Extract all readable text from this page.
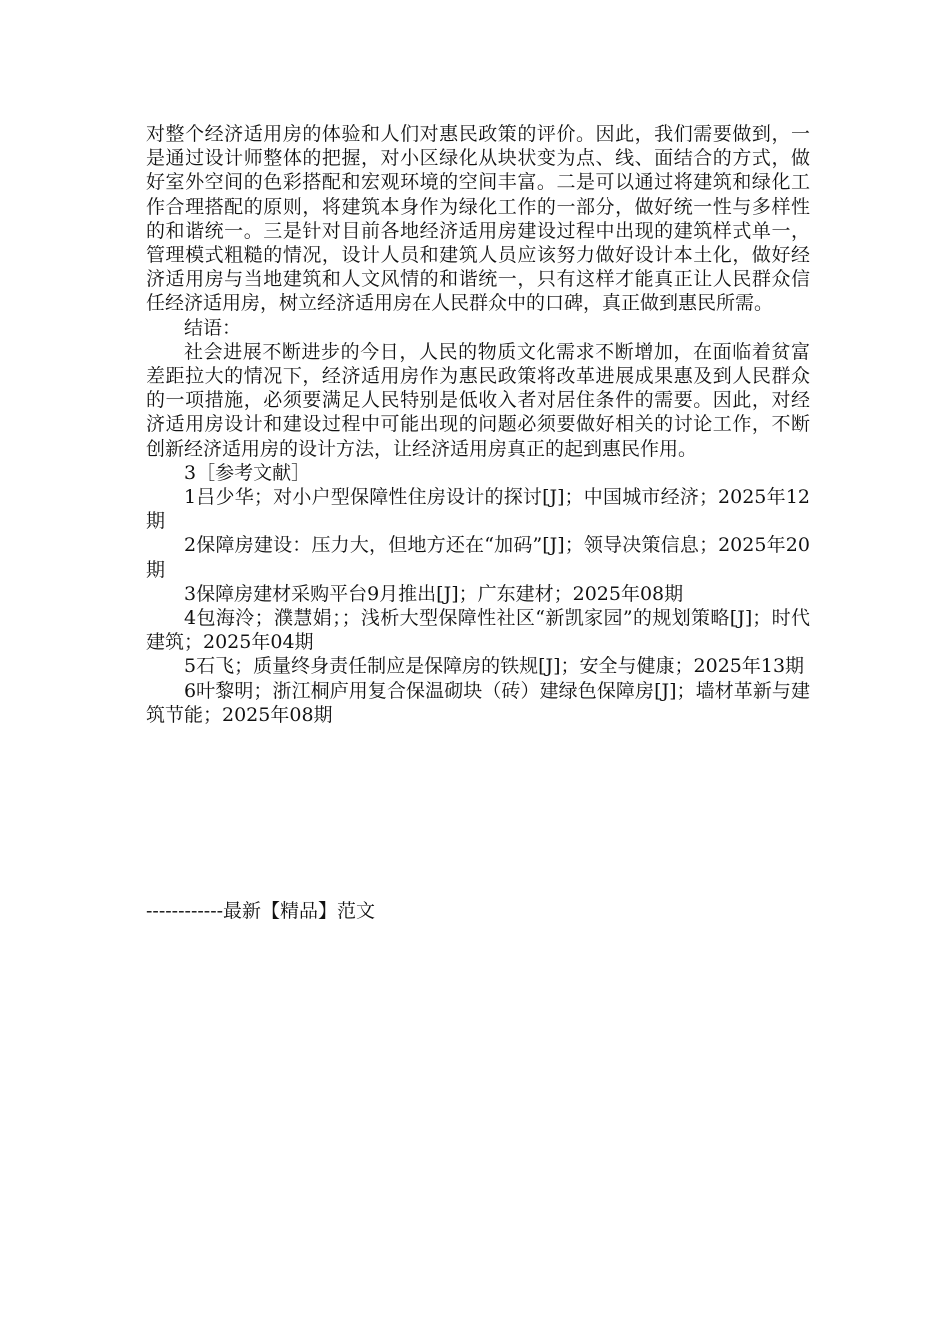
对整个经济适用房的体验和人们对惠民政策的评价。因此，我们需要做到，一是通过设计师整体的把握，对小区绿化从块状变为点、线、面结合的方式，做好室外空间的色彩搭配和宏观环境的空间丰富。二是可以通过将建筑和绿化工作合理搭配的原则，将建筑本身作为绿化工作的一部分，做好统一性与多样性的和谐统一。三是针对目前各地经济适用房建设过程中出现的建筑样式单一，管理模式粗糙的情况，设计人员和建筑人员应该努力做好设计本土化，做好经济适用房与当地建筑和人文风情的和谐统一，只有这样才能真正让人民群众信任经济适用房，树立经济适用房在人民群众中的口碑，真正做到惠民所需。

结语：

社会进展不断进步的今日，人民的物质文化需求不断增加，在面临着贫富差距拉大的情况下，经济适用房作为惠民政策将改革进展成果惠及到人民群众的一项措施，必须要满足人民特别是低收入者对居住条件的需要。因此，对经济适用房设计和建设过程中可能出现的问题必须要做好相关的讨论工作，不断创新经济适用房的设计方法，让经济适用房真正的起到惠民作用。

3［参考文献］

1吕少华；对小户型保障性住房设计的探讨[J]；中国城市经济；2025年12期

2保障房建设：压力大，但地方还在“加码”[J]；领导决策信息；2025年20期

3保障房建材采购平台9月推出[J]；广东建材；2025年08期

4包海泠；濮慧娟；；浅析大型保障性社区“新凯家园”的规划策略[J]；时代建筑；2025年04期

5石飞；质量终身责任制应是保障房的铁规[J]；安全与健康；2025年13期

6叶黎明；浙江桐庐用复合保温砌块（砖）建绿色保障房[J]；墙材革新与建筑节能；2025年08期

------------最新【精品】范文
